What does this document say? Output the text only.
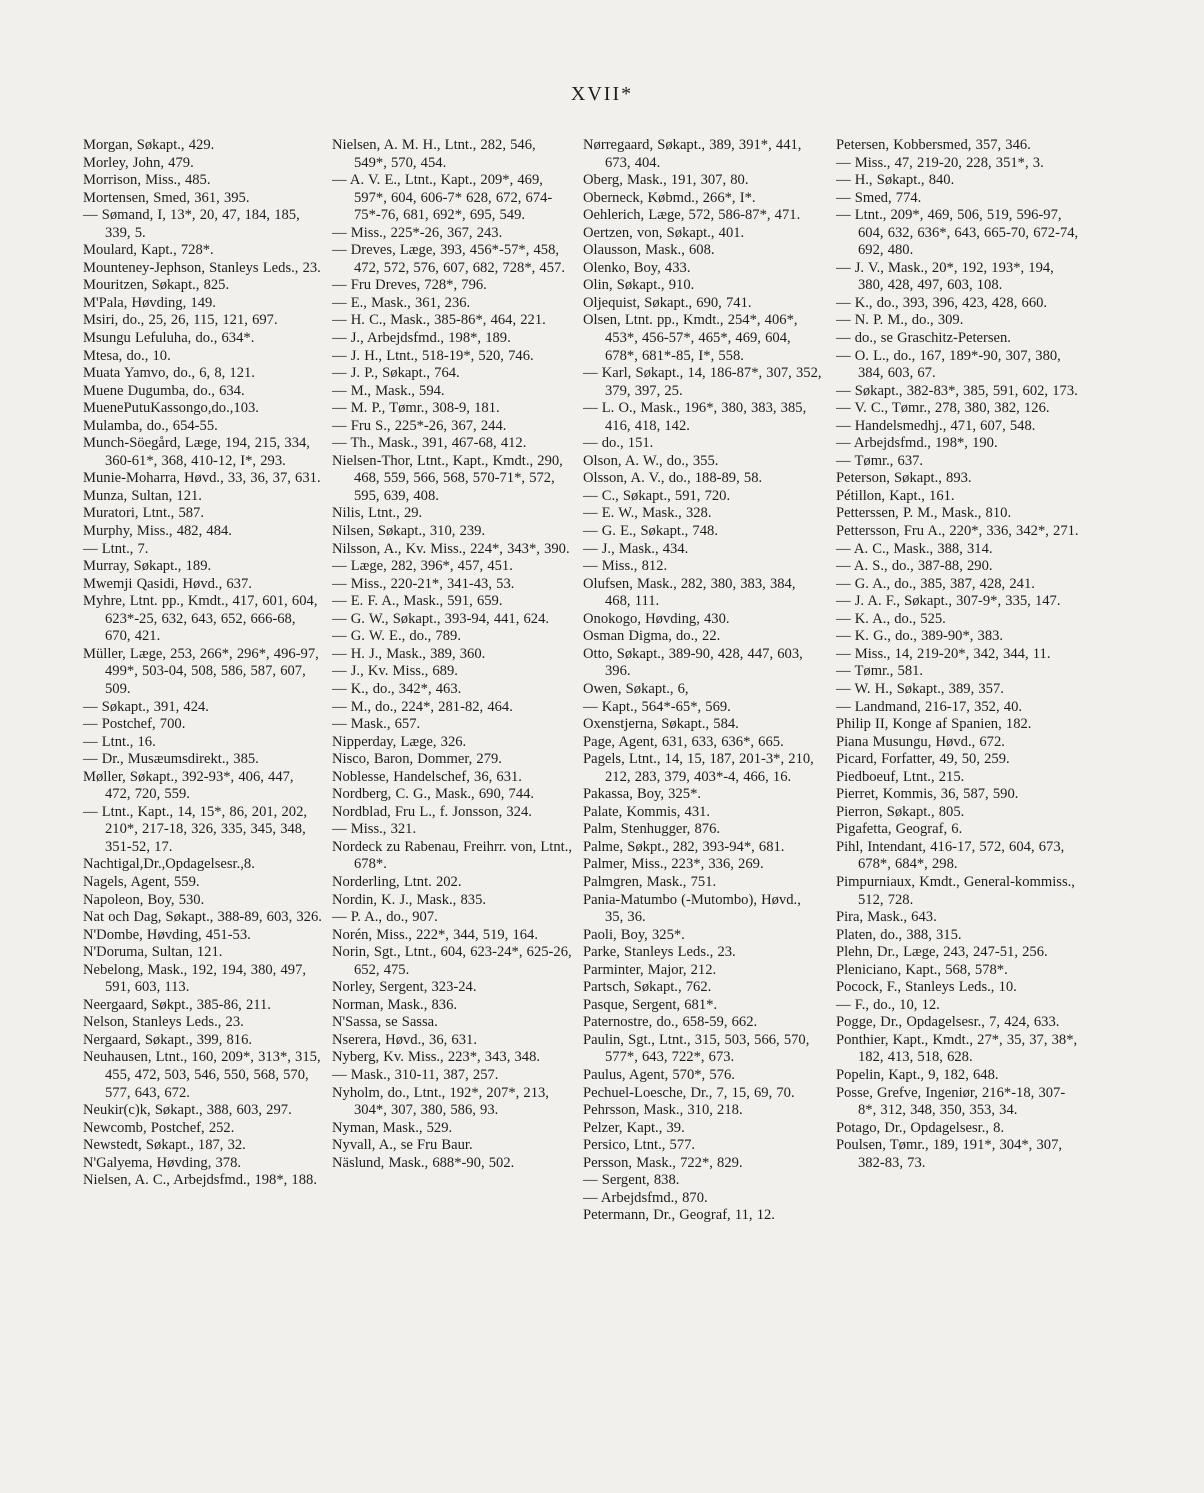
XVII*
Morgan, Søkapt., 429.
Morley, John, 479.
Morrison, Miss., 485.
Mortensen, Smed, 361, 395.
— Sømand, I, 13*, 20, 47, 184, 185, 339, 5.
Moulard, Kapt., 728*.
Mounteney-Jephson, Stanleys Leds., 23.
Mouritzen, Søkapt., 825.
M'Pala, Høvding, 149.
Msiri, do., 25, 26, 115, 121, 697.
Msungu Lefuluha, do., 634*.
Mtesa, do., 10.
Muata Yamvo, do., 6, 8, 121.
Muene Dugumba, do., 634.
MuenePutuKassongo,do.,103.
Mulamba, do., 654-55.
Munch-Söegård, Læge, 194, 215, 334, 360-61*, 368, 410-12, I*, 293.
Munie-Moharra, Høvd., 33, 36, 37, 631.
Munza, Sultan, 121.
Muratori, Ltnt., 587.
Murphy, Miss., 482, 484.
— Ltnt., 7.
Murray, Søkapt., 189.
Mwemji Qasidi, Høvd., 637.
Myhre, Ltnt. pp., Kmdt., 417, 601, 604, 623*-25, 632, 643, 652, 666-68, 670, 421.
Müller, Læge, 253, 266*, 296*, 496-97, 499*, 503-04, 508, 586, 587, 607, 509.
— Søkapt., 391, 424.
— Postchef, 700.
— Ltnt., 16.
— Dr., Musæumsdirekt., 385.
Møller, Søkapt., 392-93*, 406, 447, 472, 720, 559.
— Ltnt., Kapt., 14, 15*, 86, 201, 202, 210*, 217-18, 326, 335, 345, 348, 351-52, 17.
Nachtigal,Dr.,Opdagelsesr.,8.
Nagels, Agent, 559.
Napoleon, Boy, 530.
Nat och Dag, Søkapt., 388-89, 603, 326.
N'Dombe, Høvding, 451-53.
N'Doruma, Sultan, 121.
Nebelong, Mask., 192, 194, 380, 497, 591, 603, 113.
Neergaard, Søkpt., 385-86, 211.
Nelson, Stanleys Leds., 23.
Nergaard, Søkapt., 399, 816.
Neuhausen, Ltnt., 160, 209*, 313*, 315, 455, 472, 503, 546, 550, 568, 570, 577, 643, 672.
Neukir(c)k, Søkapt., 388, 603, 297.
Newcomb, Postchef, 252.
Newstedt, Søkapt., 187, 32.
N'Galyema, Høvding, 378.
Nielsen, A. C., Arbejdsfmd., 198*, 188.
Nielsen, A. M. H., Ltnt., 282, 546, 549*, 570, 454.
— A. V. E., Ltnt., Kapt., 209*, 469, 597*, 604, 606-7* 628, 672, 674-75*-76, 681, 692*, 695, 549.
— Miss., 225*-26, 367, 243.
— Dreves, Læge, 393, 456*-57*, 458, 472, 572, 576, 607, 682, 728*, 457.
— Fru Dreves, 728*, 796.
— E., Mask., 361, 236.
— H. C., Mask., 385-86*, 464, 221.
— J., Arbejdsfmd., 198*, 189.
— J. H., Ltnt., 518-19*, 520, 746.
— J. P., Søkapt., 764.
— M., Mask., 594.
— M. P., Tømr., 308-9, 181.
— Fru S., 225*-26, 367, 244.
— Th., Mask., 391, 467-68, 412.
Nielsen-Thor, Ltnt., Kapt., Kmdt., 290, 468, 559, 566, 568, 570-71*, 572, 595, 639, 408.
Nilis, Ltnt., 29.
Nilsen, Søkapt., 310, 239.
Nilsson, A., Kv. Miss., 224*, 343*, 390.
— Læge, 282, 396*, 457, 451.
— Miss., 220-21*, 341-43, 53.
— E. F. A., Mask., 591, 659.
— G. W., Søkapt., 393-94, 441, 624.
— G. W. E., do., 789.
— H. J., Mask., 389, 360.
— J., Kv. Miss., 689.
— K., do., 342*, 463.
— M., do., 224*, 281-82, 464.
— Mask., 657.
Nipperday, Læge, 326.
Nisco, Baron, Dommer, 279.
Noblesse, Handelschef, 36, 631.
Nordberg, C. G., Mask., 690, 744.
Nordblad, Fru L., f. Jonsson, 324.
— Miss., 321.
Nordeck zu Rabenau, Freihrr. von, Ltnt., 678*.
Norderling, Ltnt. 202.
Nordin, K. J., Mask., 835.
— P. A., do., 907.
Norén, Miss., 222*, 344, 519, 164.
Norin, Sgt., Ltnt., 604, 623-24*, 625-26, 652, 475.
Norley, Sergent, 323-24.
Norman, Mask., 836.
N'Sassa, se Sassa.
Nserera, Høvd., 36, 631.
Nyberg, Kv. Miss., 223*, 343, 348.
— Mask., 310-11, 387, 257.
Nyholm, do., Ltnt., 192*, 207*, 213, 304*, 307, 380, 586, 93.
Nyman, Mask., 529.
Nyvall, A., se Fru Baur.
Näslund, Mask., 688*-90, 502.
Nørregaard, Søkapt., 389, 391*, 441, 673, 404.
Oberg, Mask., 191, 307, 80.
Oberneck, Købmd., 266*, I*.
Oehlerich, Læge, 572, 586-87*, 471.
Oertzen, von, Søkapt., 401.
Olausson, Mask., 608.
Olenko, Boy, 433.
Olin, Søkapt., 910.
Oljequist, Søkapt., 690, 741.
Olsen, Ltnt. pp., Kmdt., 254*, 406*, 453*, 456-57*, 465*, 469, 604, 678*, 681*-85, I*, 558.
— Karl, Søkapt., 14, 186-87*, 307, 352, 379, 397, 25.
— L. O., Mask., 196*, 380, 383, 385, 416, 418, 142.
— do., 151.
Olson, A. W., do., 355.
Olsson, A. V., do., 188-89, 58.
— C., Søkapt., 591, 720.
— E. W., Mask., 328.
— G. E., Søkapt., 748.
— J., Mask., 434.
— Miss., 812.
Olufsen, Mask., 282, 380, 383, 384, 468, 111.
Onokogo, Høvding, 430.
Osman Digma, do., 22.
Otto, Søkapt., 389-90, 428, 447, 603, 396.
Owen, Søkapt., 6,
— Kapt., 564*-65*, 569.
Oxenstjerna, Søkapt., 584.
Page, Agent, 631, 633, 636*, 665.
Pagels, Ltnt., 14, 15, 187, 201-3*, 210, 212, 283, 379, 403*-4, 466, 16.
Pakassa, Boy, 325*.
Palate, Kommis, 431.
Palm, Stenhugger, 876.
Palme, Søkpt., 282, 393-94*, 681.
Palmer, Miss., 223*, 336, 269.
Palmgren, Mask., 751.
Pania-Matumbo (-Mutombo), Høvd., 35, 36.
Paoli, Boy, 325*.
Parke, Stanleys Leds., 23.
Parminter, Major, 212.
Partsch, Søkapt., 762.
Pasque, Sergent, 681*.
Paternostre, do., 658-59, 662.
Paulin, Sgt., Ltnt., 315, 503, 566, 570, 577*, 643, 722*, 673.
Paulus, Agent, 570*, 576.
Pechuel-Loesche, Dr., 7, 15, 69, 70.
Pehrsson, Mask., 310, 218.
Pelzer, Kapt., 39.
Persico, Ltnt., 577.
Persson, Mask., 722*, 829.
— Sergent, 838.
— Arbejdsfmd., 870.
Petermann, Dr., Geograf, 11, 12.
Petersen, Kobbersmed, 357, 346.
— Miss., 47, 219-20, 228, 351*, 3.
— H., Søkapt., 840.
— Smed, 774.
— Ltnt., 209*, 469, 506, 519, 596-97, 604, 632, 636*, 643, 665-70, 672-74, 692, 480.
— J. V., Mask., 20*, 192, 193*, 194, 380, 428, 497, 603, 108.
— K., do., 393, 396, 423, 428, 660.
— N. P. M., do., 309.
— do., se Graschitz-Petersen.
— O. L., do., 167, 189*-90, 307, 380, 384, 603, 67.
— Søkapt., 382-83*, 385, 591, 602, 173.
— V. C., Tømr., 278, 380, 382, 126.
— Handelsmedhj., 471, 607, 548.
— Arbejdsfmd., 198*, 190.
— Tømr., 637.
Peterson, Søkapt., 893.
Pétillon, Kapt., 161.
Petterssen, P. M., Mask., 810.
Pettersson, Fru A., 220*, 336, 342*, 271.
— A. C., Mask., 388, 314.
— A. S., do., 387-88, 290.
— G. A., do., 385, 387, 428, 241.
— J. A. F., Søkapt., 307-9*, 335, 147.
— K. A., do., 525.
— K. G., do., 389-90*, 383.
— Miss., 14, 219-20*, 342, 344, 11.
— Tømr., 581.
— W. H., Søkapt., 389, 357.
— Landmand, 216-17, 352, 40.
Philip II, Konge af Spanien, 182.
Piana Musungu, Høvd., 672.
Picard, Forfatter, 49, 50, 259.
Piedboeuf, Ltnt., 215.
Pierret, Kommis, 36, 587, 590.
Pierron, Søkapt., 805.
Pigafetta, Geograf, 6.
Pihl, Intendant, 416-17, 572, 604, 673, 678*, 684*, 298.
Pimpurniaux, Kmdt., General-kommiss., 512, 728.
Pira, Mask., 643.
Platen, do., 388, 315.
Plehn, Dr., Læge, 243, 247-51, 256.
Pleniciano, Kapt., 568, 578*.
Pocock, F., Stanleys Leds., 10.
— F., do., 10, 12.
Pogge, Dr., Opdagelsesr., 7, 424, 633.
Ponthier, Kapt., Kmdt., 27*, 35, 37, 38*, 182, 413, 518, 628.
Popelin, Kapt., 9, 182, 648.
Posse, Grefve, Ingeniør, 216*-18, 307-8*, 312, 348, 350, 353, 34.
Potago, Dr., Opdagelsesr., 8.
Poulsen, Tømr., 189, 191*, 304*, 307, 382-83, 73.
